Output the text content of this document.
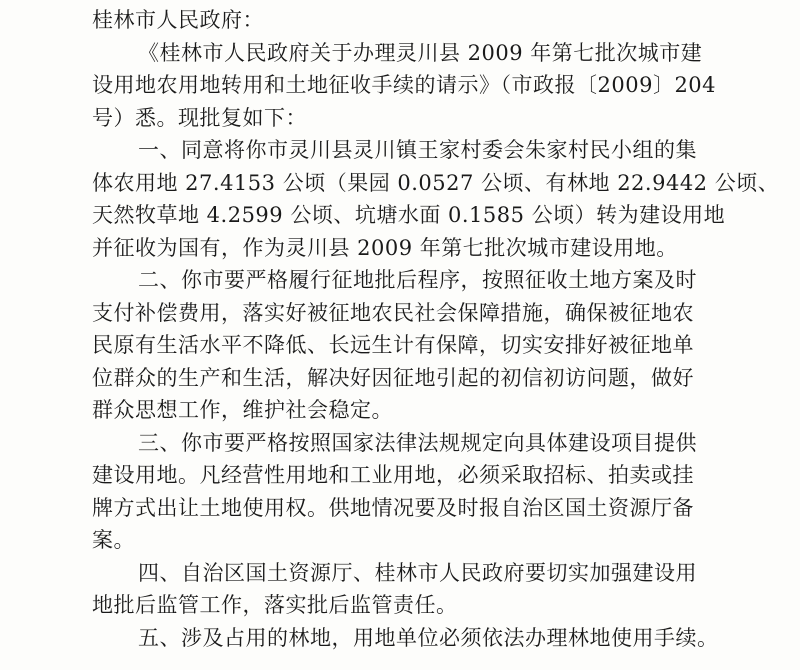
桂林市人民政府：
《桂林市人民政府关于办理灵川县 2009 年第七批次城市建
设用地农用地转用和土地征收手续的请示》（市政报〔2009〕204
号）悉。现批复如下：
一、同意将你市灵川县灵川镇王家村委会朱家村民小组的集
体农用地 27.4153 公顷（果园 0.0527 公顷、有林地 22.9442 公顷、
天然牧草地 4.2599 公顷、坑塘水面 0.1585 公顷）转为建设用地
并征收为国有，作为灵川县 2009 年第七批次城市建设用地。
二、你市要严格履行征地批后程序，按照征收土地方案及时
支付补偿费用，落实好被征地农民社会保障措施，确保被征地农
民原有生活水平不降低、长远生计有保障，切实安排好被征地单
位群众的生产和生活，解决好因征地引起的初信初访问题，做好
群众思想工作，维护社会稳定。
三、你市要严格按照国家法律法规规定向具体建设项目提供
建设用地。凡经营性用地和工业用地，必须采取招标、拍卖或挂
牌方式出让土地使用权。供地情况要及时报自治区国土资源厅备
案。
四、自治区国土资源厅、桂林市人民政府要切实加强建设用
地批后监管工作，落实批后监管责任。
五、涉及占用的林地，用地单位必须依法办理林地使用手续。
